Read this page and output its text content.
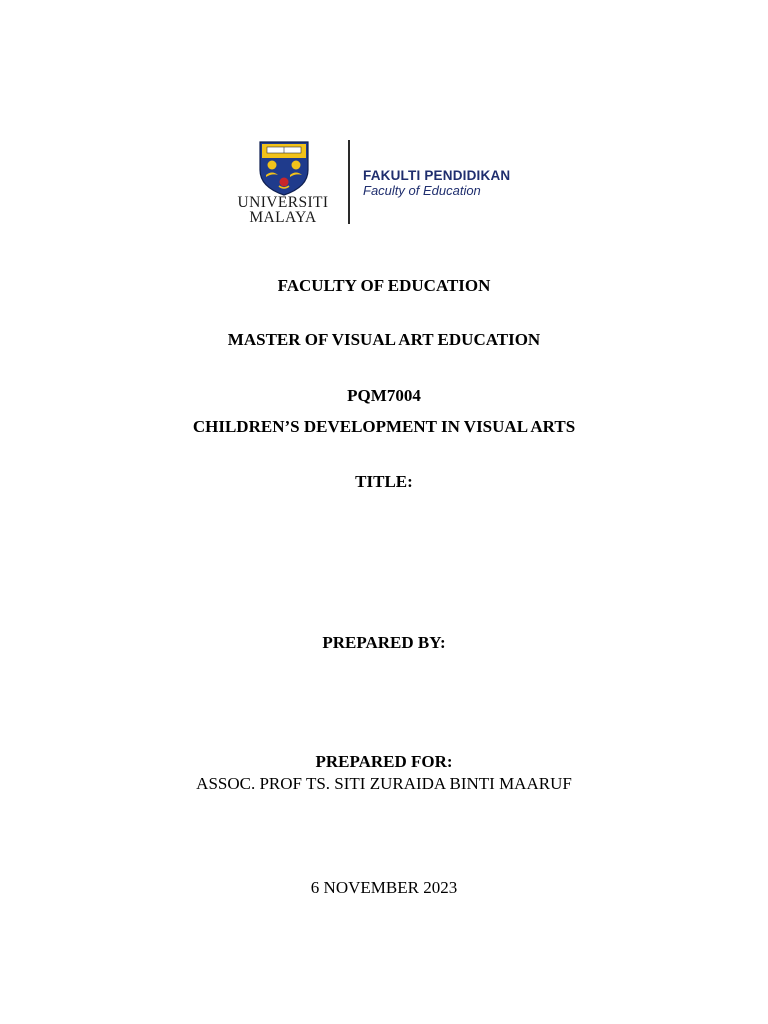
UNIVERSITI
MALAYA
FAKULTI PENDIDIKAN
Faculty of Education
FACULTY OF EDUCATION
MASTER OF VISUAL ART EDUCATION
PQM7004
CHILDREN’S DEVELOPMENT IN VISUAL ARTS
TITLE:
PREPARED BY:
PREPARED FOR:
ASSOC. PROF TS. SITI ZURAIDA BINTI MAARUF
6 NOVEMBER 2023
